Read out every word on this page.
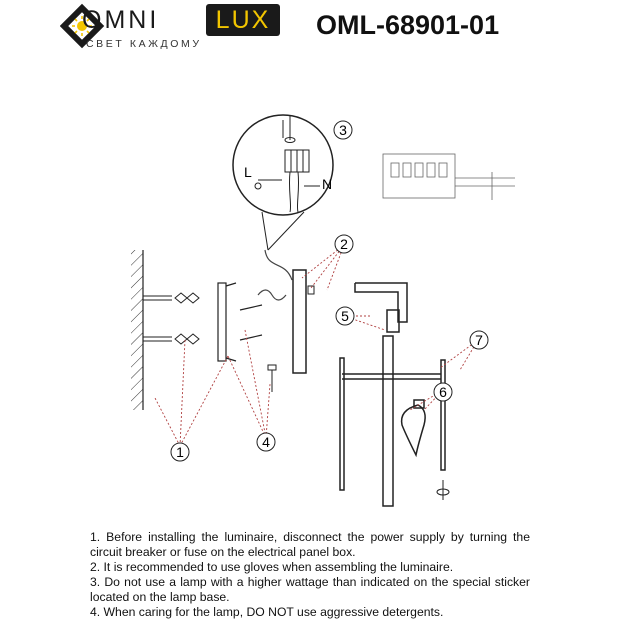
OMNI	LUX
СВЕТ КАЖДОМУ
OML-68901-01
L
N
1
2
3
4
5
6
7

1. Before installing the luminaire, disconnect the power supply by turning the circuit breaker or fuse on the electrical panel box.

2. It is recommended to use gloves when assembling the luminaire.

3. Do not use a lamp with a higher wattage than indicated on the special sticker located on the lamp base.

4. When caring for the lamp, DO NOT use aggressive detergents.
